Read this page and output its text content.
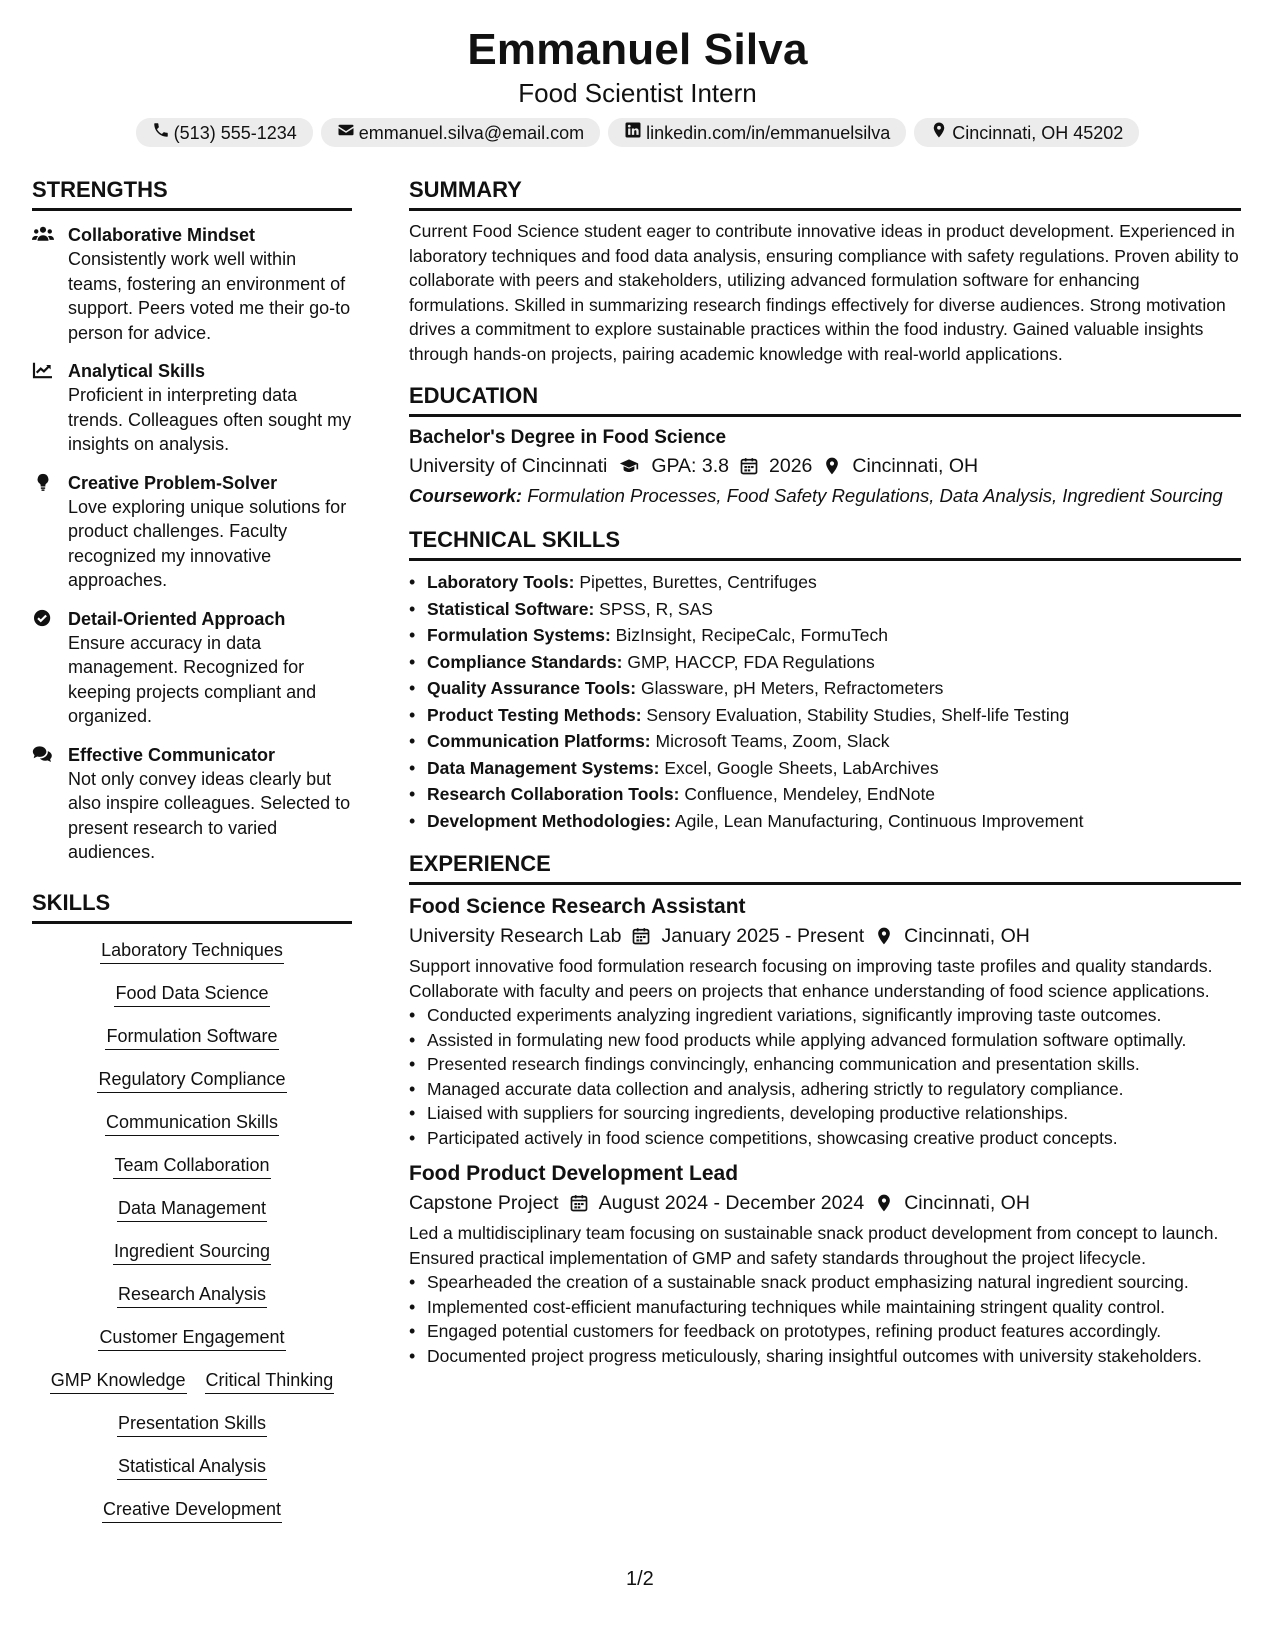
Emmanuel Silva
Food Scientist Intern
(513) 555-1234	emmanuel.silva@email.com	linkedin.com/in/emmanuelsilva	Cincinnati, OH 45202
STRENGTHS
Collaborative Mindset
Consistently work well within teams, fostering an environment of support. Peers voted me their go-to person for advice.
Analytical Skills
Proficient in interpreting data trends. Colleagues often sought my insights on analysis.
Creative Problem-Solver
Love exploring unique solutions for product challenges. Faculty recognized my innovative approaches.
Detail-Oriented Approach
Ensure accuracy in data management. Recognized for keeping projects compliant and organized.
Effective Communicator
Not only convey ideas clearly but also inspire colleagues. Selected to present research to varied audiences.
SKILLS
Laboratory Techniques
Food Data Science
Formulation Software
Regulatory Compliance
Communication Skills
Team Collaboration
Data Management
Ingredient Sourcing
Research Analysis
Customer Engagement
GMP Knowledge Critical Thinking
Presentation Skills
Statistical Analysis
Creative Development
SUMMARY
Current Food Science student eager to contribute innovative ideas in product development. Experienced in laboratory techniques and food data analysis, ensuring compliance with safety regulations. Proven ability to collaborate with peers and stakeholders, utilizing advanced formulation software for enhancing formulations. Skilled in summarizing research findings effectively for diverse audiences. Strong motivation drives a commitment to explore sustainable practices within the food industry. Gained valuable insights through hands-on projects, pairing academic knowledge with real-world applications.
EDUCATION
Bachelor's Degree in Food Science
University of Cincinnati GPA: 3.8 2026 Cincinnati, OH
Coursework: Formulation Processes, Food Safety Regulations, Data Analysis, Ingredient Sourcing
TECHNICAL SKILLS
• Laboratory Tools: Pipettes, Burettes, Centrifuges
• Statistical Software: SPSS, R, SAS
• Formulation Systems: BizInsight, RecipeCalc, FormuTech
• Compliance Standards: GMP, HACCP, FDA Regulations
• Quality Assurance Tools: Glassware, pH Meters, Refractometers
• Product Testing Methods: Sensory Evaluation, Stability Studies, Shelf-life Testing
• Communication Platforms: Microsoft Teams, Zoom, Slack
• Data Management Systems: Excel, Google Sheets, LabArchives
• Research Collaboration Tools: Confluence, Mendeley, EndNote
• Development Methodologies: Agile, Lean Manufacturing, Continuous Improvement
EXPERIENCE
Food Science Research Assistant
University Research Lab January 2025 - Present Cincinnati, OH
Support innovative food formulation research focusing on improving taste profiles and quality standards. Collaborate with faculty and peers on projects that enhance understanding of food science applications.
• Conducted experiments analyzing ingredient variations, significantly improving taste outcomes.
• Assisted in formulating new food products while applying advanced formulation software optimally.
• Presented research findings convincingly, enhancing communication and presentation skills.
• Managed accurate data collection and analysis, adhering strictly to regulatory compliance.
• Liaised with suppliers for sourcing ingredients, developing productive relationships.
• Participated actively in food science competitions, showcasing creative product concepts.
Food Product Development Lead
Capstone Project August 2024 - December 2024 Cincinnati, OH
Led a multidisciplinary team focusing on sustainable snack product development from concept to launch. Ensured practical implementation of GMP and safety standards throughout the project lifecycle.
• Spearheaded the creation of a sustainable snack product emphasizing natural ingredient sourcing.
• Implemented cost-efficient manufacturing techniques while maintaining stringent quality control.
• Engaged potential customers for feedback on prototypes, refining product features accordingly.
• Documented project progress meticulously, sharing insightful outcomes with university stakeholders.
1/2
